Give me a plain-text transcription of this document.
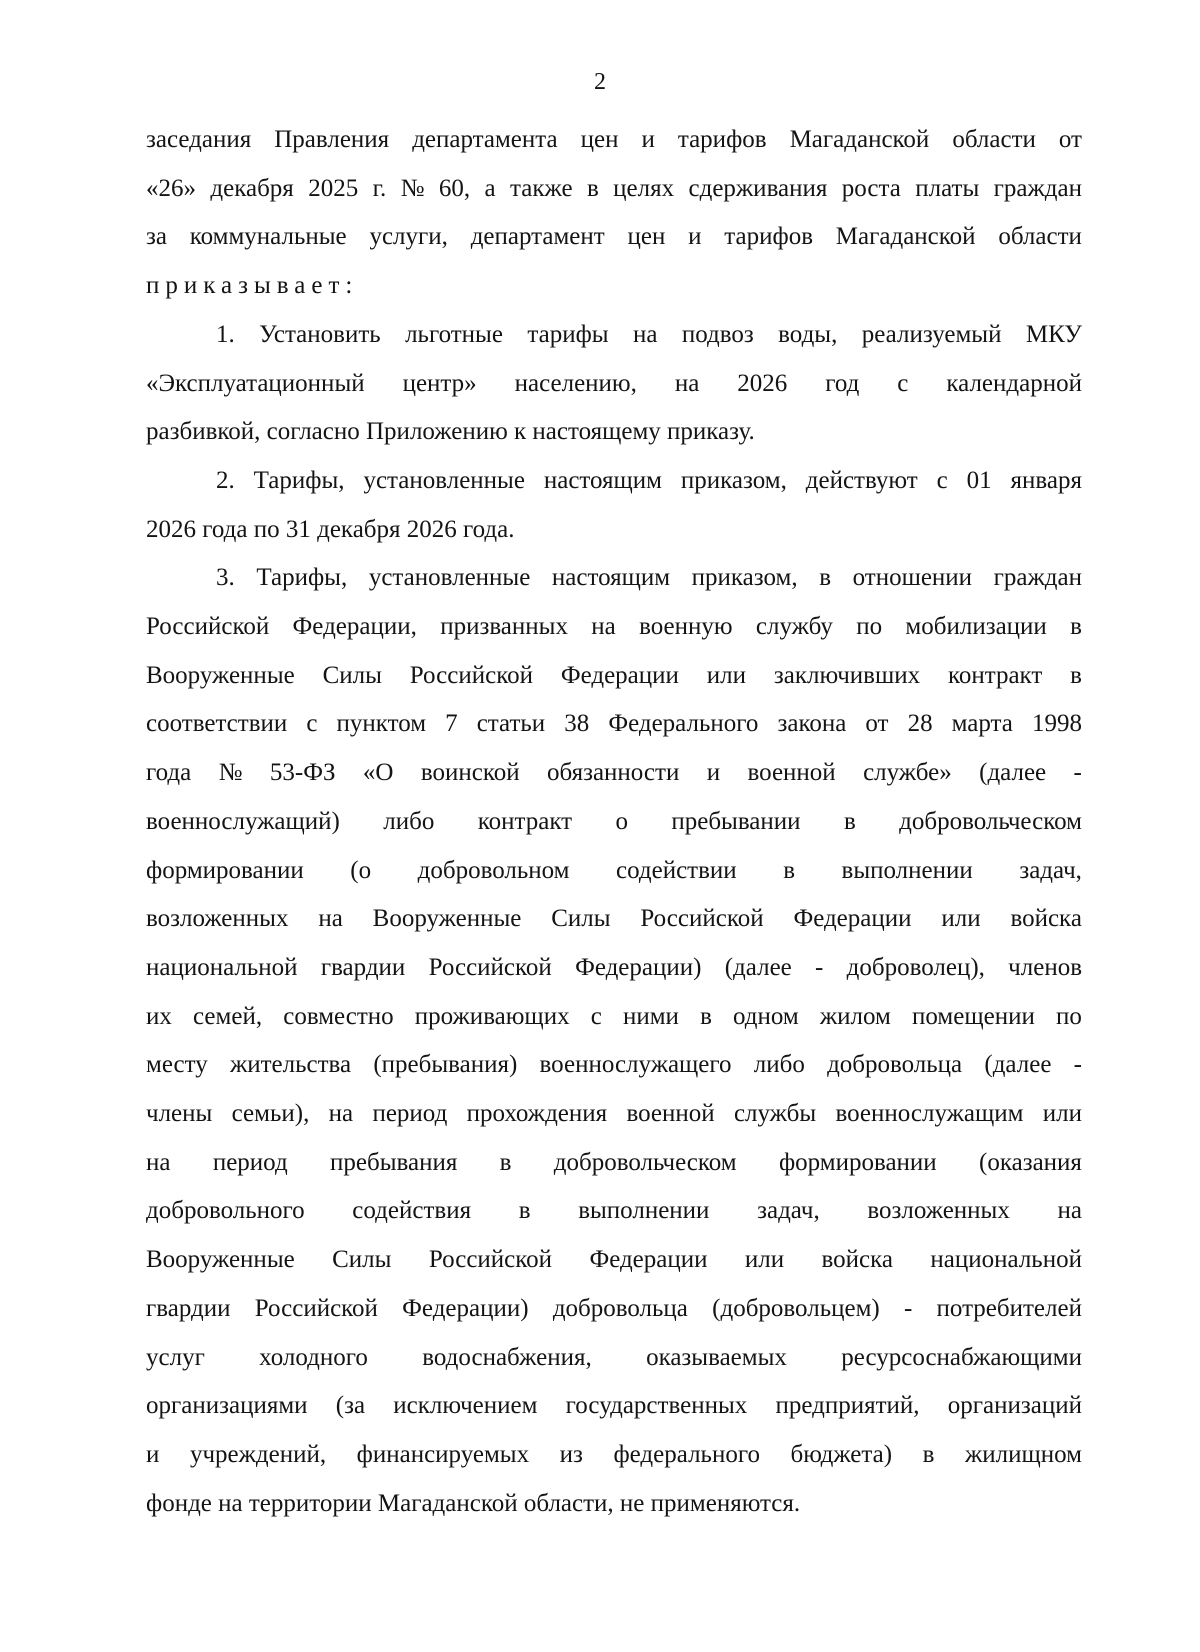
2
заседания Правления департамента цен и тарифов Магаданской области от
«26» декабря 2025 г. № 60, а также в целях сдерживания роста платы граждан
за коммунальные услуги, департамент цен и тарифов Магаданской области
приказывает:
1. Установить льготные тарифы на подвоз воды, реализуемый МКУ
«Эксплуатационный центр» населению, на 2026 год с календарной
разбивкой, согласно Приложению к настоящему приказу.
2. Тарифы, установленные настоящим приказом, действуют с 01 января
2026 года по 31 декабря 2026 года.
3. Тарифы, установленные настоящим приказом, в отношении граждан
Российской Федерации, призванных на военную службу по мобилизации в
Вооруженные Силы Российской Федерации или заключивших контракт в
соответствии с пунктом 7 статьи 38 Федерального закона от 28 марта 1998
года № 53-ФЗ «О воинской обязанности и военной службе» (далее -
военнослужащий) либо контракт о пребывании в добровольческом
формировании (о добровольном содействии в выполнении задач,
возложенных на Вооруженные Силы Российской Федерации или войска
национальной гвардии Российской Федерации) (далее - доброволец), членов
их семей, совместно проживающих с ними в одном жилом помещении по
месту жительства (пребывания) военнослужащего либо добровольца (далее -
члены семьи), на период прохождения военной службы военнослужащим или
на период пребывания в добровольческом формировании (оказания
добровольного содействия в выполнении задач, возложенных на
Вооруженные Силы Российской Федерации или войска национальной
гвардии Российской Федерации) добровольца (добровольцем) - потребителей
услуг холодного водоснабжения, оказываемых ресурсоснабжающими
организациями (за исключением государственных предприятий, организаций
и учреждений, финансируемых из федерального бюджета) в жилищном
фонде на территории Магаданской области, не применяются.
